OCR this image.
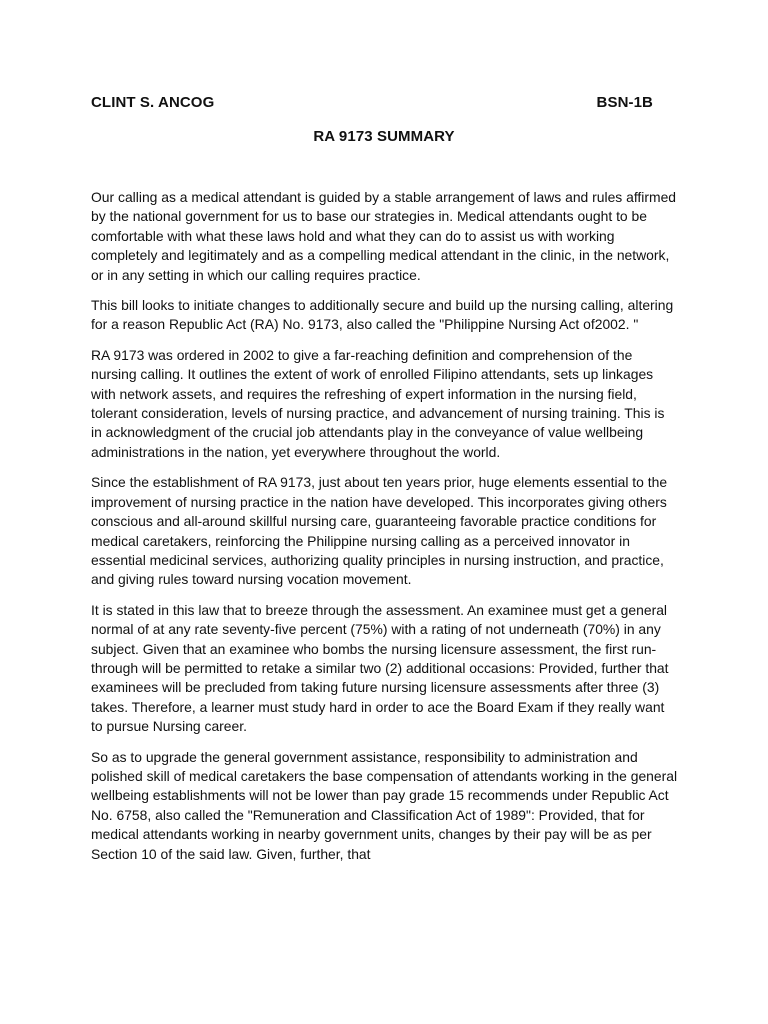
CLINT S. ANCOG	BSN-1B
RA 9173 SUMMARY

Our calling as a medical attendant is guided by a stable arrangement of laws and rules affirmed by the national government for us to base our strategies in. Medical attendants ought to be comfortable with what these laws hold and what they can do to assist us with working completely and legitimately and as a compelling medical attendant in the clinic, in the network, or in any setting in which our calling requires practice.

This bill looks to initiate changes to additionally secure and build up the nursing calling, altering for a reason Republic Act (RA) No. 9173, also called the "Philippine Nursing Act of2002. "

RA 9173 was ordered in 2002 to give a far-reaching definition and comprehension of the nursing calling. It outlines the extent of work of enrolled Filipino attendants, sets up linkages with network assets, and requires the refreshing of expert information in the nursing field, tolerant consideration, levels of nursing practice, and advancement of nursing training. This is in acknowledgment of the crucial job attendants play in the conveyance of value wellbeing administrations in the nation, yet everywhere throughout the world.

Since the establishment of RA 9173, just about ten years prior, huge elements essential to the improvement of nursing practice in the nation have developed. This incorporates giving others conscious and all-around skillful nursing care, guaranteeing favorable practice conditions for medical caretakers, reinforcing the Philippine nursing calling as a perceived innovator in essential medicinal services, authorizing quality principles in nursing instruction, and practice, and giving rules toward nursing vocation movement.

It is stated in this law that to breeze through the assessment. An examinee must get a general normal of at any rate seventy-five percent (75%) with a rating of not underneath (70%) in any subject. Given that an examinee who bombs the nursing licensure assessment, the first run-through will be permitted to retake a similar two (2) additional occasions: Provided, further that examinees will be precluded from taking future nursing licensure assessments after three (3) takes. Therefore, a learner must study hard in order to ace the Board Exam if they really want to pursue Nursing career.

So as to upgrade the general government assistance, responsibility to administration and polished skill of medical caretakers the base compensation of attendants working in the general wellbeing establishments will not be lower than pay grade 15 recommends under Republic Act No. 6758, also called the "Remuneration and Classification Act of 1989": Provided, that for medical attendants working in nearby government units, changes by their pay will be as per Section 10 of the said law. Given, further, that
